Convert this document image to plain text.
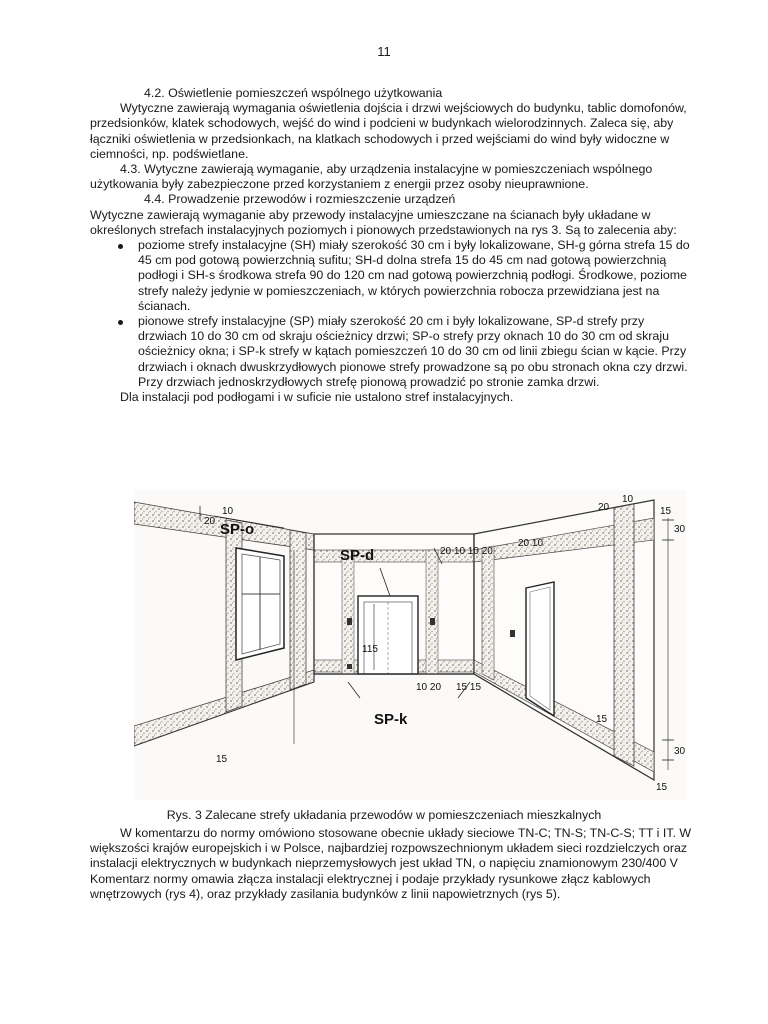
11

4.2. Oświetlenie pomieszczeń wspólnego użytkowania

Wytyczne zawierają wymagania oświetlenia dojścia i drzwi wejściowych do budynku, tablic domofonów, przedsionków, klatek schodowych, wejść do wind i podcieni w budynkach wielorodzinnych. Zaleca się, aby łączniki oświetlenia w przedsionkach, na klatkach schodowych i przed wejściami do wind były widoczne w ciemności, np. podświetlane.

4.3. Wytyczne zawierają wymaganie, aby urządzenia instalacyjne w pomieszczeniach wspólnego użytkowania były zabezpieczone przed korzystaniem z energii przez osoby nieuprawnione.

4.4. Prowadzenie przewodów i rozmieszczenie urządzeń

Wytyczne zawierają wymaganie aby przewody instalacyjne umieszczane na ścianach były układane w określonych strefach instalacyjnych poziomych i pionowych przedstawionych na rys 3. Są to zalecenia aby:

poziome strefy instalacyjne (SH) miały szerokość 30 cm i były lokalizowane, SH-g górna strefa 15 do 45 cm pod gotową powierzchnią sufitu; SH-d dolna strefa 15 do 45 cm nad gotową powierzchnią podłogi i SH-s środkowa strefa 90 do 120 cm nad gotową powierzchnią podłogi. Środkowe, poziome strefy należy jedynie w pomieszczeniach, w których powierzchnia robocza przewidziana jest na ścianach.
pionowe strefy instalacyjne (SP) miały szerokość 20 cm i były lokalizowane, SP-d strefy przy drzwiach 10 do 30 cm od skraju ościeżnicy drzwi; SP-o strefy przy oknach 10 do 30 cm od skraju ościeżnicy okna; i SP-k strefy w kątach pomieszczeń 10 do 30 cm od linii zbiegu ścian w kącie. Przy drzwiach i oknach dwuskrzydłowych pionowe strefy prowadzone są po obu stronach okna czy drzwi. Przy drzwiach jednoskrzydłowych strefę pionową prowadzić po stronie zamka drzwi.

Dla instalacji pod podłogami i w suficie nie ustalono stref instalacyjnych.

SP-o
SP-d
SP-k
20
10
15
115
10 20
20 10 10 20
20 10
15 15
30
30
20
10
15
15
15
Rys. 3 Zalecane strefy układania przewodów w pomieszczeniach mieszkalnych

W komentarzu do normy omówiono stosowane obecnie układy sieciowe TN-C; TN-S; TN-C-S; TT i IT. W większości krajów europejskich i w Polsce, najbardziej rozpowszechnionym układem sieci rozdzielczych oraz instalacji elektrycznych w budynkach nieprzemysłowych jest układ TN, o napięciu znamionowym 230/400 V

Komentarz normy omawia złącza instalacji elektrycznej i podaje przykłady rysunkowe złącz kablowych wnętrzowych (rys 4), oraz przykłady zasilania budynków z linii napowietrznych (rys 5).
